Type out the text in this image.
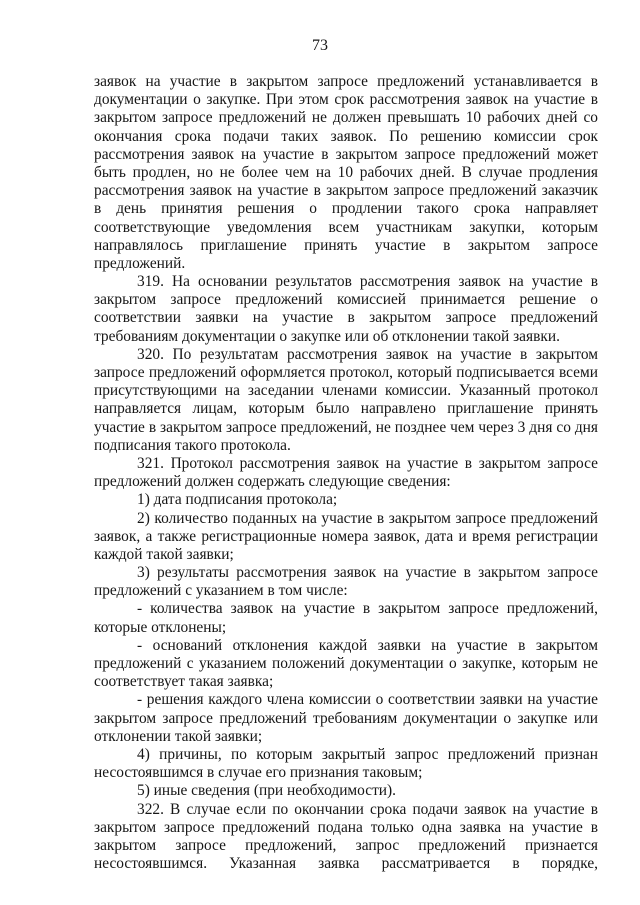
73
заявок на участие в закрытом запросе предложений устанавливается в
документации о закупке. При этом срок рассмотрения заявок на участие в
закрытом запросе предложений не должен превышать 10 рабочих дней со
окончания срока подачи таких заявок. По решению комиссии срок
рассмотрения заявок на участие в закрытом запросе предложений может
быть продлен, но не более чем на 10 рабочих дней. В случае продления
рассмотрения заявок на участие в закрытом запросе предложений заказчик
в день принятия решения о продлении такого срока направляет
соответствующие уведомления всем участникам закупки, которым
направлялось приглашение принять участие в закрытом запросе
предложений.
319. На основании результатов рассмотрения заявок на участие в
закрытом запросе предложений комиссией принимается решение о
соответствии заявки на участие в закрытом запросе предложений
требованиям документации о закупке или об отклонении такой заявки.
320. По результатам рассмотрения заявок на участие в закрытом
запросе предложений оформляется протокол, который подписывается всеми
присутствующими на заседании членами комиссии. Указанный протокол
направляется лицам, которым было направлено приглашение принять
участие в закрытом запросе предложений, не позднее чем через 3 дня со дня
подписания такого протокола.
321. Протокол рассмотрения заявок на участие в закрытом запросе
предложений должен содержать следующие сведения:
1) дата подписания протокола;
2) количество поданных на участие в закрытом запросе предложений
заявок, а также регистрационные номера заявок, дата и время регистрации
каждой такой заявки;
3) результаты рассмотрения заявок на участие в закрытом запросе
предложений с указанием в том числе:
- количества заявок на участие в закрытом запросе предложений,
которые отклонены;
- оснований отклонения каждой заявки на участие в закрытом
предложений с указанием положений документации о закупке, которым не
соответствует такая заявка;
- решения каждого члена комиссии о соответствии заявки на участие
закрытом запросе предложений требованиям документации о закупке или
отклонении такой заявки;
4) причины, по которым закрытый запрос предложений признан
несостоявшимся в случае его признания таковым;
5) иные сведения (при необходимости).
322. В случае если по окончании срока подачи заявок на участие в
закрытом запросе предложений подана только одна заявка на участие в
закрытом запросе предложений, запрос предложений признается
несостоявшимся. Указанная заявка рассматривается в порядке,
